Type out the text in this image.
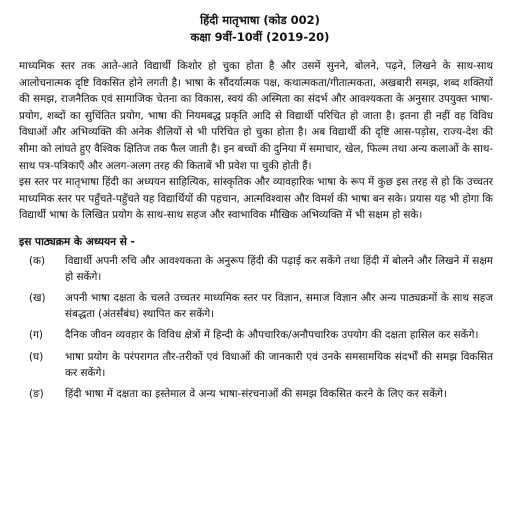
हिंदी मातृभाषा (कोड 002)
कक्षा 9वीं-10वीं (2019-20)

माध्यमिक स्तर तक आते-आते विद्यार्थी किशोर हो चुका होता है और उसमें सुनने, बोलने, पढ़ने, लिखने के साथ-साथ आलोचनात्मक दृष्टि विकसित होने लगती है। भाषा के सौंदर्यात्मक पक्ष, कथात्मकता/गीतात्मकता, अखबारी समझ, शब्द शक्तियों की समझ, राजनैतिक एवं सामाजिक चेतना का विकास, स्वयं की अस्मिता का संदर्भ और आवश्यकता के अनुसार उपयुक्त भाषा- प्रयोग, शब्दों का सुचिंतित प्रयोग, भाषा की नियमबद्ध प्रकृति आदि से विद्यार्थी परिचित हो जाता है। इतना ही नहीं वह विविध विधाओं और अभिव्यक्ति की अनेक शैलियों से भी परिचित हो चुका होता है। अब विद्यार्थी की दृष्टि आस-पड़ोस, राज्य-देश की सीमा को लांघते हुए वैश्विक क्षितिज तक फैल जाती है। इन बच्चों की दुनिया में समाचार, खेल, फिल्म तथा अन्य कलाओं के साथ-साथ पत्र-पत्रिकाएँ और अलग-अलग तरह की किताबें भी प्रवेश पा चुकी होती हैं।

इस स्तर पर मातृभाषा हिंदी का अध्ययन साहित्यिक, सांस्कृतिक और व्यावहारिक भाषा के रूप में कुछ इस तरह से हो कि उच्चतर माध्यमिक स्तर पर पहुँचते-पहुँचते यह विद्यार्थियों की पहचान, आत्मविश्वास और विमर्श की भाषा बन सके। प्रयास यह भी होगा कि विद्यार्थी भाषा के लिखित प्रयोग के साथ-साथ सहज और स्वाभाविक मौखिक अभिव्यक्ति में भी सक्षम हो सके।

इस पाठ्यक्रम के अध्ययन से -
(क) विद्यार्थी अपनी रुचि और आवश्यकता के अनुरूप हिंदी की पढ़ाई कर सकेंगे तथा हिंदी में बोलने और लिखने में सक्षम हो सकेंगे।
(ख) अपनी भाषा दक्षता के चलते उच्चतर माध्यमिक स्तर पर विज्ञान, समाज विज्ञान और अन्य पाठ्यक्रमों के साथ सहज संबद्धता (अंतर्संबंध) स्थापित कर सकेंगे।
(ग) दैनिक जीवन व्यवहार के विविध क्षेत्रों में हिन्दी के औपचारिक/अनौपचारिक उपयोग की दक्षता हासिल कर सकेंगे।
(घ) भाषा प्रयोग के परंपरागत तौर-तरीकों एवं विधाओं की जानकारी एवं उनके समसामयिक संदर्भों की समझ विकसित कर सकेंगे।
(ङ) हिंदी भाषा में दक्षता का इस्तेमाल वे अन्य भाषा-संरचनाओं की समझ विकसित करने के लिए कर सकेंगे।
